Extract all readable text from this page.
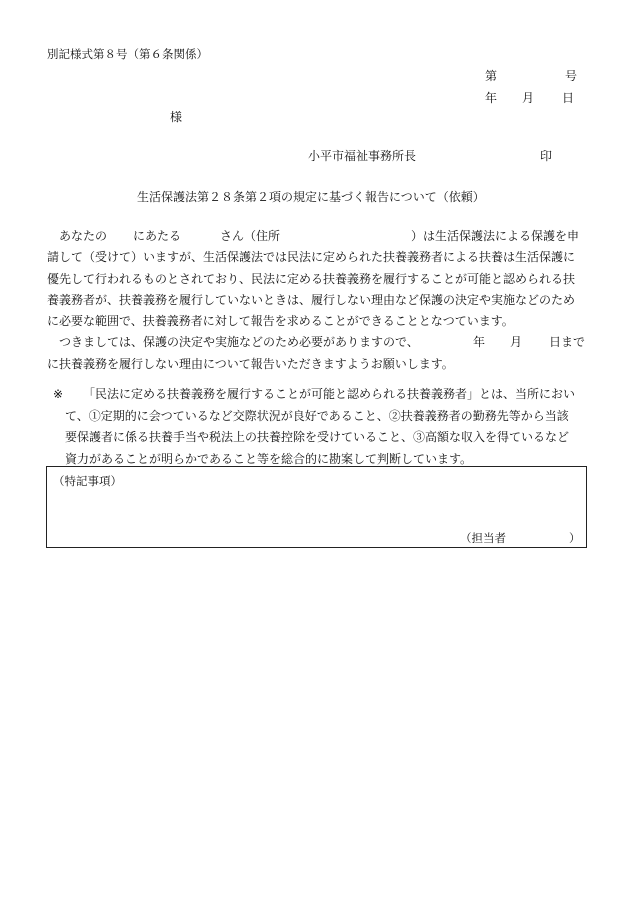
別記様式第８号（第６条関係）
第	号
年 月 日
様
小平市福祉事務所長	印
生活保護法第２８条第２項の規定に基づく報告について（依頼）
あなたの にあたる	さん（住所	）は生活保護法による保護を申
請して（受けて）いますが、生活保護法では民法に定められた扶養義務者による扶養は生活保護に
優先して行われるものとされており、民法に定める扶養義務を履行することが可能と認められる扶
養義務者が、扶養義務を履行していないときは、履行しない理由など保護の決定や実施などのため
に必要な範囲で、扶養義務者に対して報告を求めることができることとなつています。
つきましては、保護の決定や実施などのため必要がありますので、	年 月 日まで
に扶養義務を履行しない理由について報告いただきますようお願いします。
※ 「民法に定める扶養義務を履行することが可能と認められる扶養義務者」とは、当所におい
て、①定期的に会つているなど交際状況が良好であること、②扶養義務者の勤務先等から当該
要保護者に係る扶養手当や税法上の扶養控除を受けていること、③高額な収入を得ているなど
資力があることが明らかであること等を総合的に勘案して判断しています。
（特記事項）
（担当者	）
